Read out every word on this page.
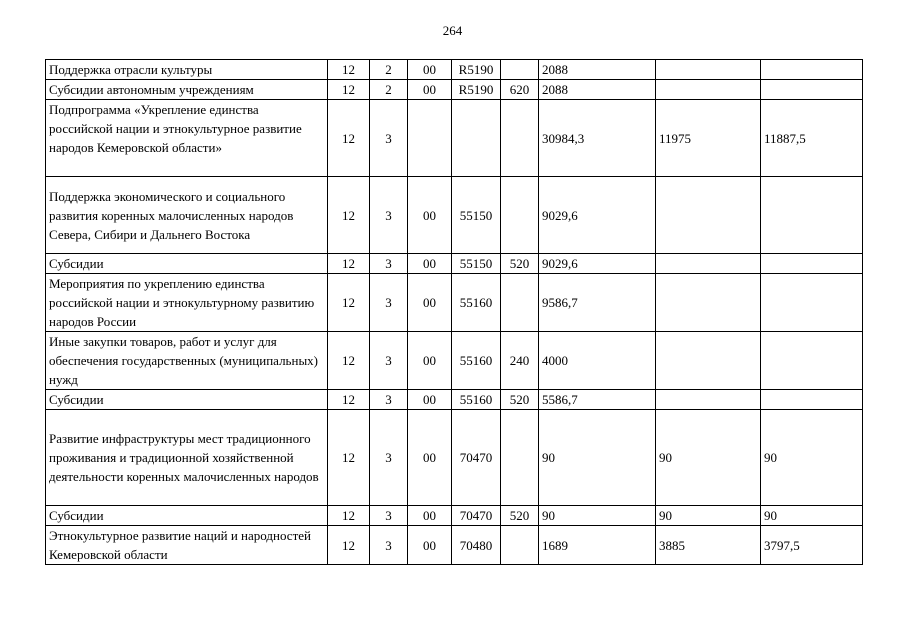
264
Поддержка отрасли культуры	12	2	00	R5190		2088		
Субсидии автономным учреждениям	12	2	00	R5190	620	2088		
Подпрограмма «Укрепление единства российской нации и этнокультурное развитие народов Кемеровской области»	12	3				30984,3	11975	11887,5
Поддержка экономического и социального развития коренных малочисленных народов Севера, Сибири и Дальнего Востока	12	3	00	55150		9029,6		
Субсидии	12	3	00	55150	520	9029,6		
Мероприятия по укреплению единства российской нации и этнокультурному развитию народов России	12	3	00	55160		9586,7		
Иные закупки товаров, работ и услуг для обеспечения государственных (муниципальных) нужд	12	3	00	55160	240	4000		
Субсидии	12	3	00	55160	520	5586,7		
Развитие инфраструктуры мест традиционного проживания и традиционной хозяйственной деятельности коренных малочисленных народов	12	3	00	70470		90	90	90
Субсидии	12	3	00	70470	520	90	90	90
Этнокультурное развитие наций и народностей Кемеровской области	12	3	00	70480		1689	3885	3797,5
